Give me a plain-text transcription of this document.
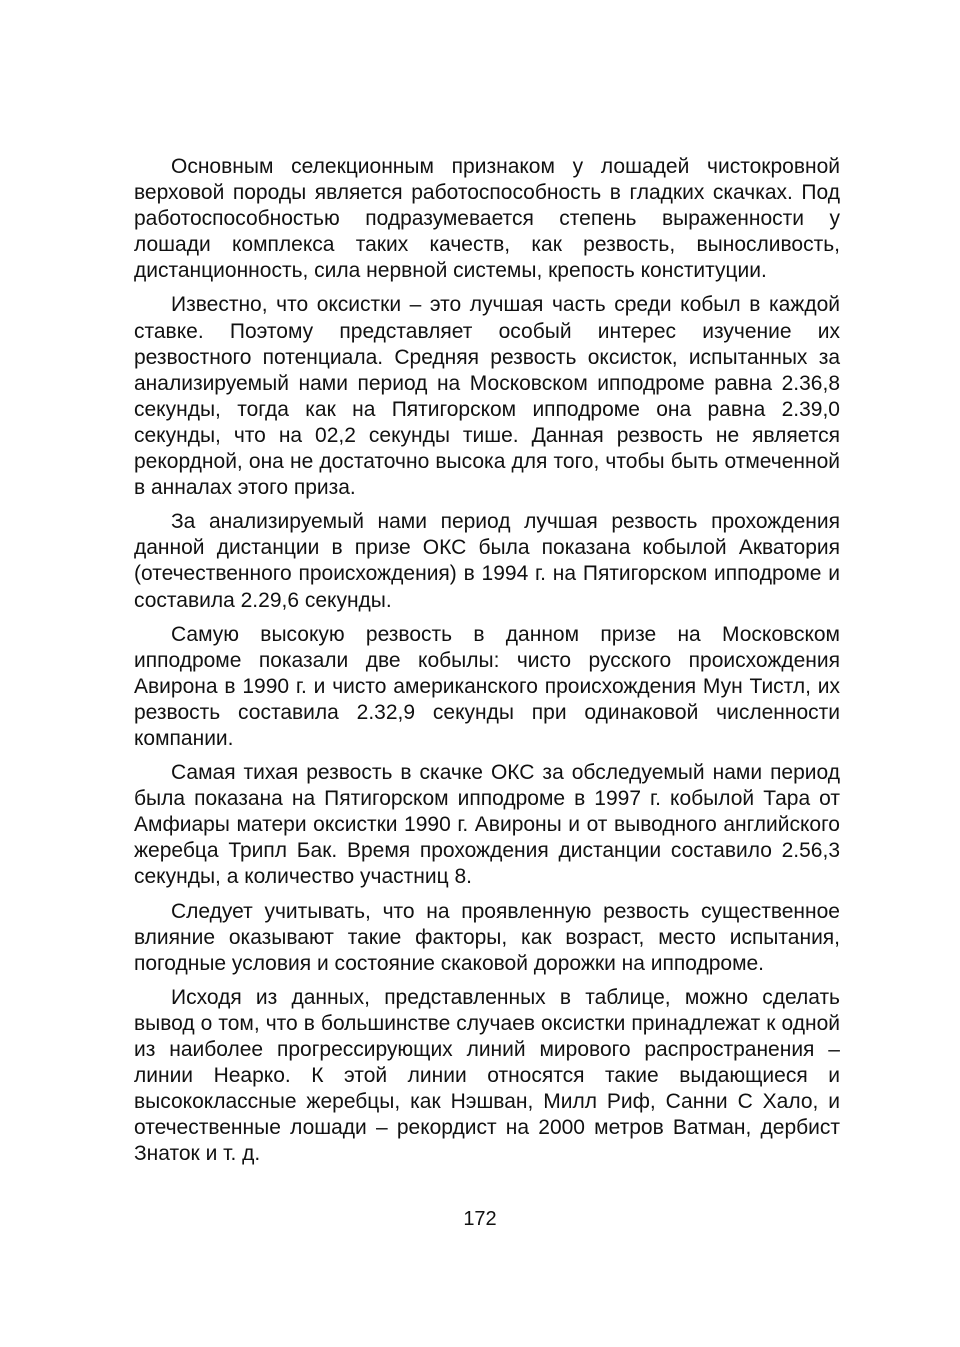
Основным селекционным признаком у лошадей чистокровной верховой породы является работоспособность в гладких скачках. Под работоспособностью подразумевается степень выраженности у лошади комплекса таких качеств, как резвость, выносливость, дистанционность, сила нервной системы, крепость конституции.

Известно, что оксистки – это лучшая часть среди кобыл в каждой ставке. Поэтому представляет особый интерес изучение их резвостного потенциала. Средняя резвость оксисток, испытанных за анализируемый нами период на Московском ипподроме равна 2.36,8 секунды, тогда как на Пятигорском ипподроме она равна 2.39,0 секунды, что на 02,2 секунды тише. Данная резвость не является рекордной, она не достаточно высока для того, чтобы быть отмеченной в анналах этого приза.

За анализируемый нами период лучшая резвость прохождения данной дистанции в призе ОКС была показана кобылой Акватория (отечественного происхождения) в 1994 г. на Пятигорском ипподроме и составила 2.29,6 секунды.

Самую высокую резвость в данном призе на Московском ипподроме показали две кобылы: чисто русского происхождения Авирона в 1990 г. и чисто американского происхождения Мун Тистл, их резвость составила 2.32,9 секунды при одинаковой численности компании.

Самая тихая резвость в скачке ОКС за обследуемый нами период была показана на Пятигорском ипподроме в 1997 г. кобылой Тара от Амфиары матери оксистки 1990 г. Авироны и от выводного английского жеребца Трипл Бак. Время прохождения дистанции составило 2.56,3 секунды, а количество участниц 8.

Следует учитывать, что на проявленную резвость существенное влияние оказывают такие факторы, как возраст, место испытания, погодные условия и состояние скаковой дорожки на ипподроме.

Исходя из данных, представленных в таблице, можно сделать вывод о том, что в большинстве случаев оксистки принадлежат к одной из наиболее прогрессирующих линий мирового распространения – линии Неарко. К этой линии относятся такие выдающиеся и высококлассные жеребцы, как Нэшван, Милл Риф, Санни С Хало, и отечественные лошади – рекордист на 2000 метров Ватман, дербист Знаток и т. д.

172
